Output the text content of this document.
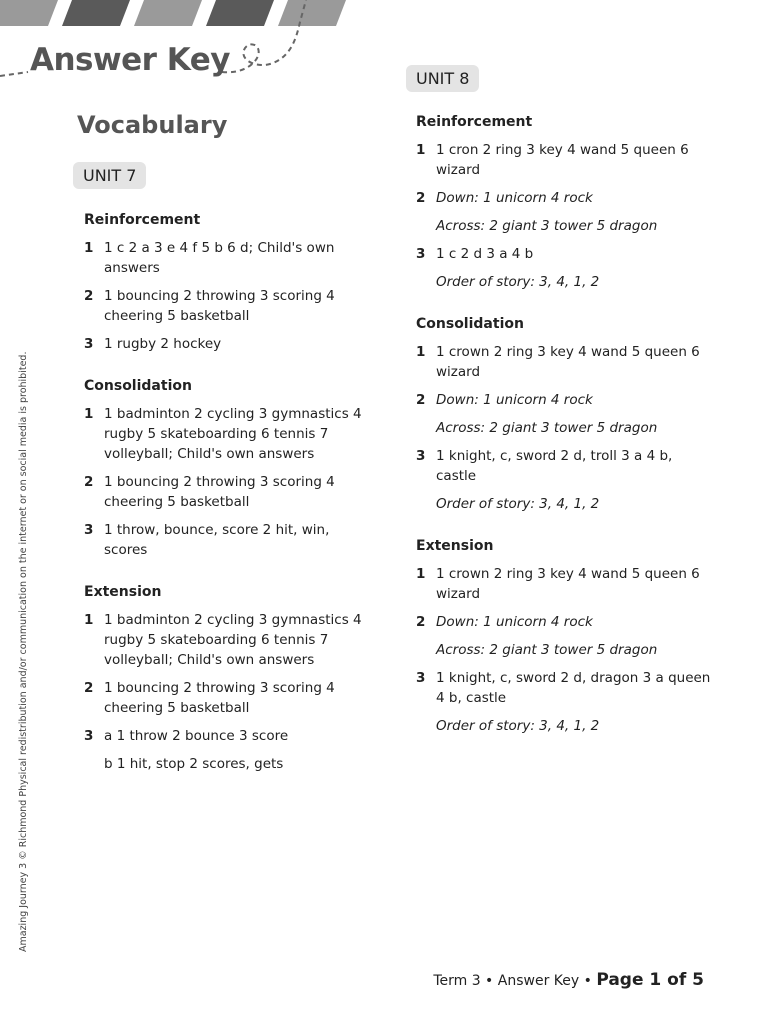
Answer Key
Vocabulary
UNIT 7
UNIT 8

Reinforcement

1 1 c 2 a 3 e 4 f 5 b 6 d; Child's own answers
2 1 bouncing 2 throwing 3 scoring 4 cheering 5 basketball
3 1 rugby 2 hockey

Consolidation

1 1 badminton 2 cycling 3 gymnastics 4 rugby 5 skateboarding 6 tennis 7 volleyball; Child's own answers
2 1 bouncing 2 throwing 3 scoring 4 cheering 5 basketball
3 1 throw, bounce, score 2 hit, win, scores

Extension

1 1 badminton 2 cycling 3 gymnastics 4 rugby 5 skateboarding 6 tennis 7 volleyball; Child's own answers
2 1 bouncing 2 throwing 3 scoring 4 cheering 5 basketball
3 a 1 throw 2 bounce 3 score
b 1 hit, stop 2 scores, gets

Reinforcement

1 1 cron 2 ring 3 key 4 wand 5 queen 6 wizard
2 Down: 1 unicorn 4 rock
Across: 2 giant 3 tower 5 dragon
3 1 c 2 d 3 a 4 b
Order of story: 3, 4, 1, 2

Consolidation

1 1 crown 2 ring 3 key 4 wand 5 queen 6 wizard
2 Down: 1 unicorn 4 rock
Across: 2 giant 3 tower 5 dragon
3 1 knight, c, sword 2 d, troll 3 a 4 b, castle
Order of story: 3, 4, 1, 2

Extension

1 1 crown 2 ring 3 key 4 wand 5 queen 6 wizard
2 Down: 1 unicorn 4 rock
Across: 2 giant 3 tower 5 dragon
3 1 knight, c, sword 2 d, dragon 3 a queen 4 b, castle
Order of story: 3, 4, 1, 2
Amazing Journey 3 © Richmond Physical redistribution and/or communication on the internet or on social media is prohibited.
Term 3 • Answer Key • Page 1 of 5
